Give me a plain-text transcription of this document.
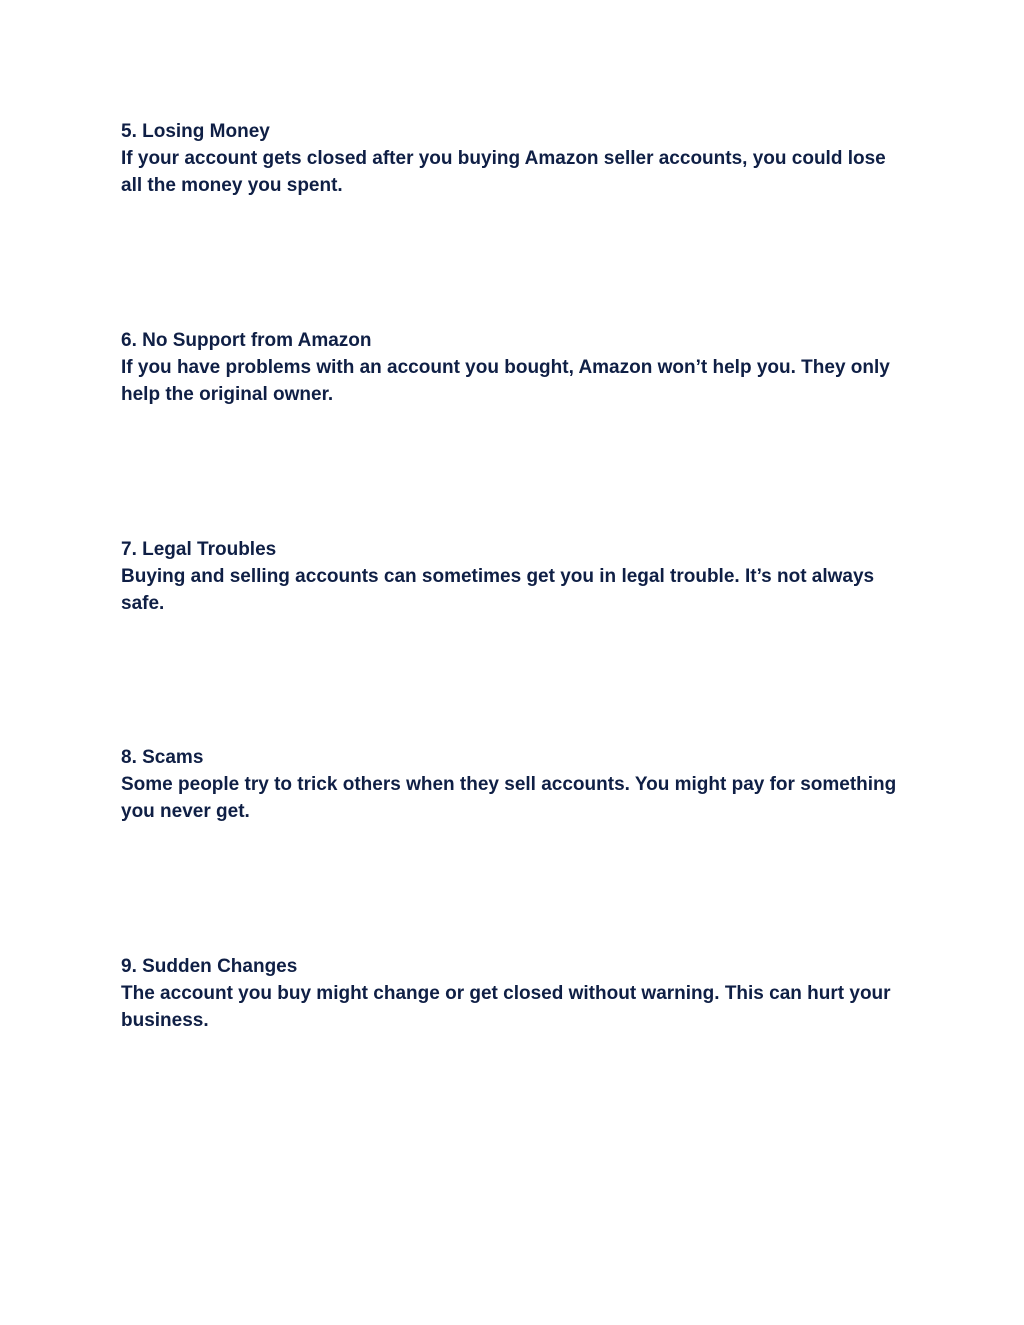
5. Losing Money

If your account gets closed after you buying Amazon seller accounts, you could lose all the money you spent.

6. No Support from Amazon

If you have problems with an account you bought, Amazon won’t help you. They only help the original owner.

7. Legal Troubles

Buying and selling accounts can sometimes get you in legal trouble. It’s not always safe.

8. Scams

Some people try to trick others when they sell accounts. You might pay for something you never get.

9. Sudden Changes

The account you buy might change or get closed without warning. This can hurt your business.
